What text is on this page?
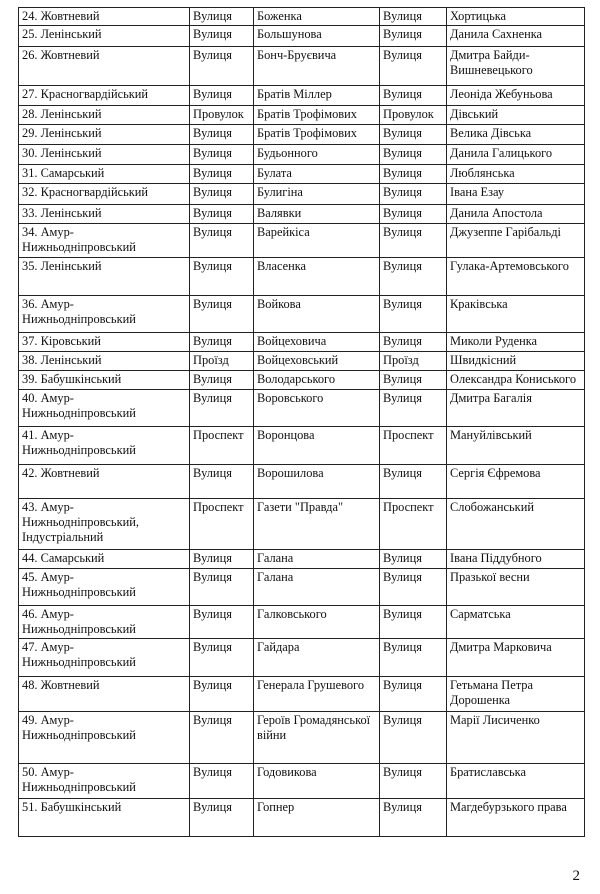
24. Жовтневий	Вулиця	Боженка	Вулиця	Хортицька
25. Ленінський	Вулиця	Большунова	Вулиця	Данила Сахненка
26. Жовтневий	Вулиця	Бонч-Бруєвича	Вулиця	Дмитра Байди-Вишневецького
27. Красногвардійський	Вулиця	Братів Міллер	Вулиця	Леоніда Жебуньова
28. Ленінський	Провулок	Братів Трофімових	Провулок	Дівський
29. Ленінський	Вулиця	Братів Трофімових	Вулиця	Велика Дівська
30. Ленінський	Вулиця	Будьонного	Вулиця	Данила Галицького
31. Самарський	Вулиця	Булата	Вулиця	Люблянська
32. Красногвардійський	Вулиця	Булигіна	Вулиця	Івана Езау
33. Ленінський	Вулиця	Валявки	Вулиця	Данила Апостола
34. Амур-Нижньодніпровський	Вулиця	Варейкіса	Вулиця	Джузеппе Гарібальді
35. Ленінський	Вулиця	Власенка	Вулиця	Гулака-Артемовського
36. Амур-Нижньодніпровський	Вулиця	Войкова	Вулиця	Краківська
37. Кіровський	Вулиця	Войцеховича	Вулиця	Миколи Руденка
38. Ленінський	Проїзд	Войцеховський	Проїзд	Швидкісний
39. Бабушкінський	Вулиця	Володарського	Вулиця	Олександра Кониського
40. Амур-Нижньодніпровський	Вулиця	Воровського	Вулиця	Дмитра Багалія
41. Амур-Нижньодніпровський	Проспект	Воронцова	Проспект	Мануйлівський
42. Жовтневий	Вулиця	Ворошилова	Вулиця	Сергія Єфремова
43. Амур-Нижньодніпровський, Індустріальний	Проспект	Газети "Правда"	Проспект	Слобожанський
44. Самарський	Вулиця	Галана	Вулиця	Івана Піддубного
45. Амур-Нижньодніпровський	Вулиця	Галана	Вулиця	Празької весни
46. Амур-Нижньодніпровський	Вулиця	Галковського	Вулиця	Сарматська
47. Амур-Нижньодніпровський	Вулиця	Гайдара	Вулиця	Дмитра Марковича
48. Жовтневий	Вулиця	Генерала Грушевого	Вулиця	Гетьмана Петра Дорошенка
49. Амур-Нижньодніпровський	Вулиця	Героїв Громадянської війни	Вулиця	Марії Лисиченко
50. Амур-Нижньодніпровський	Вулиця	Годовикова	Вулиця	Братиславська
51. Бабушкінський	Вулиця	Гопнер	Вулиця	Магдебурзького права
2
